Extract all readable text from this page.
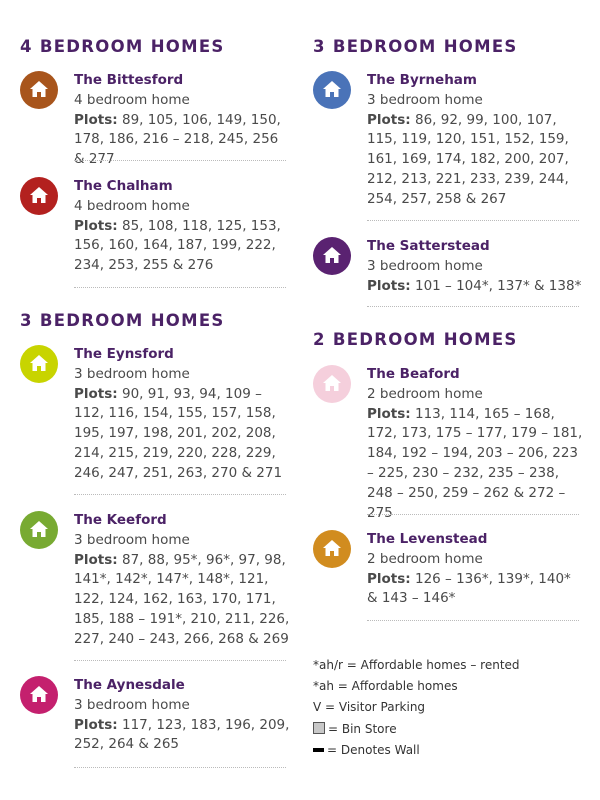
4 BEDROOM HOMES
The Bittesford
4 bedroom home
Plots: 89, 105, 106, 149, 150, 178, 186, 216 – 218, 245, 256 & 277
The Chalham
4 bedroom home
Plots: 85, 108, 118, 125, 153, 156, 160, 164, 187, 199, 222, 234, 253, 255 & 276
3 BEDROOM HOMES
The Eynsford
3 bedroom home
Plots: 90, 91, 93, 94, 109 – 112, 116, 154, 155, 157, 158, 195, 197, 198, 201, 202, 208, 214, 215, 219, 220, 228, 229, 246, 247, 251, 263, 270 & 271
The Keeford
3 bedroom home
Plots: 87, 88, 95*, 96*, 97, 98, 141*, 142*, 147*, 148*, 121, 122, 124, 162, 163, 170, 171, 185, 188 – 191*, 210, 211, 226, 227, 240 – 243, 266, 268 & 269
The Aynesdale
3 bedroom home
Plots: 117, 123, 183, 196, 209, 252, 264 & 265
3 BEDROOM HOMES
The Byrneham
3 bedroom home
Plots: 86, 92, 99, 100, 107, 115, 119, 120, 151, 152, 159, 161, 169, 174, 182, 200, 207, 212, 213, 221, 233, 239, 244, 254, 257, 258 & 267
The Satterstead
3 bedroom home
Plots: 101 – 104*, 137* & 138*
2 BEDROOM HOMES
The Beaford
2 bedroom home
Plots: 113, 114, 165 – 168, 172, 173, 175 – 177, 179 – 181, 184, 192 – 194, 203 – 206, 223 – 225, 230 – 232, 235 – 238, 248 – 250, 259 – 262 & 272 – 275
The Levenstead
2 bedroom home
Plots: 126 – 136*, 139*, 140* & 143 – 146*
*ah/r = Affordable homes – rented
*ah = Affordable homes
V = Visitor Parking
= Bin Store
= Denotes Wall
